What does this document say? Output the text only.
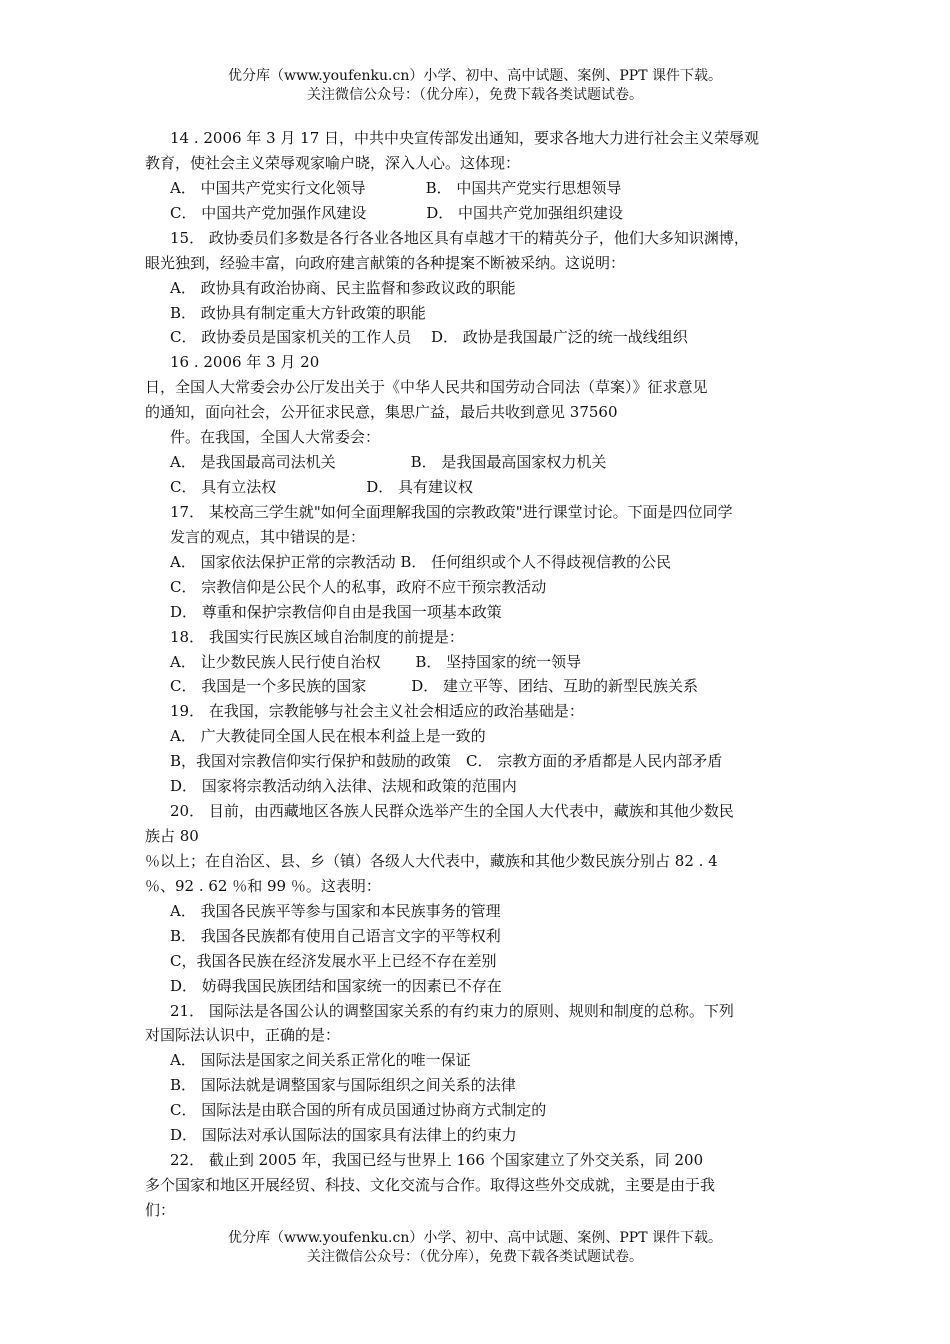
优分库（www.youfenku.cn）小学、初中、高中试题、案例、PPT 课件下载。
关注微信公众号：（优分库），免费下载各类试题试卷。
14 . 2006 年 3 月 17 日，中共中央宣传部发出通知，要求各地大力进行社会主义荣辱观
教育，使社会主义荣辱观家喻户晓，深入人心。这体现：
A． 中国共产党实行文化领导　　　　B． 中国共产党实行思想领导
C． 中国共产党加强作风建设　　　　D． 中国共产党加强组织建设
15． 政协委员们多数是各行各业各地区具有卓越才干的精英分子，他们大多知识渊博，
眼光独到，经验丰富，向政府建言献策的各种提案不断被采纳。这说明：
A． 政协具有政治协商、民主监督和参政议政的职能
B． 政协具有制定重大方针政策的职能
C． 政协委员是国家机关的工作人员　 D． 政协是我国最广泛的统一战线组织
16 . 2006 年 3 月 20
日，全国人大常委会办公厅发出关于《中华人民共和国劳动合同法（草案）》征求意见
的通知，面向社会，公开征求民意，集思广益，最后共收到意见 37560
件。在我国，全国人大常委会：
A． 是我国最高司法机关　　　　　B． 是我国最高国家权力机关
C． 具有立法权　　　　　　D． 具有建议权
17． 某校高三学生就"如何全面理解我国的宗教政策"进行课堂讨论。下面是四位同学
发言的观点，其中错误的是：
A． 国家依法保护正常的宗教活动 B． 任何组织或个人不得歧视信教的公民
C． 宗教信仰是公民个人的私事，政府不应干预宗教活动
D． 尊重和保护宗教信仰自由是我国一项基本政策
18． 我国实行民族区域自治制度的前提是：
A． 让少数民族人民行使自治权　　 B． 坚持国家的统一领导
C． 我国是一个多民族的国家　　　D． 建立平等、团结、互助的新型民族关系
19． 在我国，宗教能够与社会主义社会相适应的政治基础是：
A． 广大教徒同全国人民在根本利益上是一致的
B，我国对宗教信仰实行保护和鼓励的政策　C． 宗教方面的矛盾都是人民内部矛盾
D． 国家将宗教活动纳入法律、法规和政策的范围内
20． 目前，由西藏地区各族人民群众选举产生的全国人大代表中，藏族和其他少数民
族占 80
％以上；在自治区、县、乡（镇）各级人大代表中，藏族和其他少数民族分别占 82 . 4
％、92 . 62 ％和 99 ％。这表明：
A． 我国各民族平等参与国家和本民族事务的管理
B． 我国各民族都有使用自己语言文字的平等权利
C，我国各民族在经济发展水平上已经不存在差别
D． 妨碍我国民族团结和国家统一的因素已不存在
21． 国际法是各国公认的调整国家关系的有约束力的原则、规则和制度的总称。下列
对国际法认识中，正确的是：
A． 国际法是国家之间关系正常化的唯一保证
B． 国际法就是调整国家与国际组织之间关系的法律
C． 国际法是由联合国的所有成员国通过协商方式制定的
D． 国际法对承认国际法的国家具有法律上的约束力
22． 截止到 2005 年，我国已经与世界上 166 个国家建立了外交关系，同 200
多个国家和地区开展经贸、科技、文化交流与合作。取得这些外交成就，主要是由于我
们：
优分库（www.youfenku.cn）小学、初中、高中试题、案例、PPT 课件下载。
关注微信公众号：（优分库），免费下载各类试题试卷。
